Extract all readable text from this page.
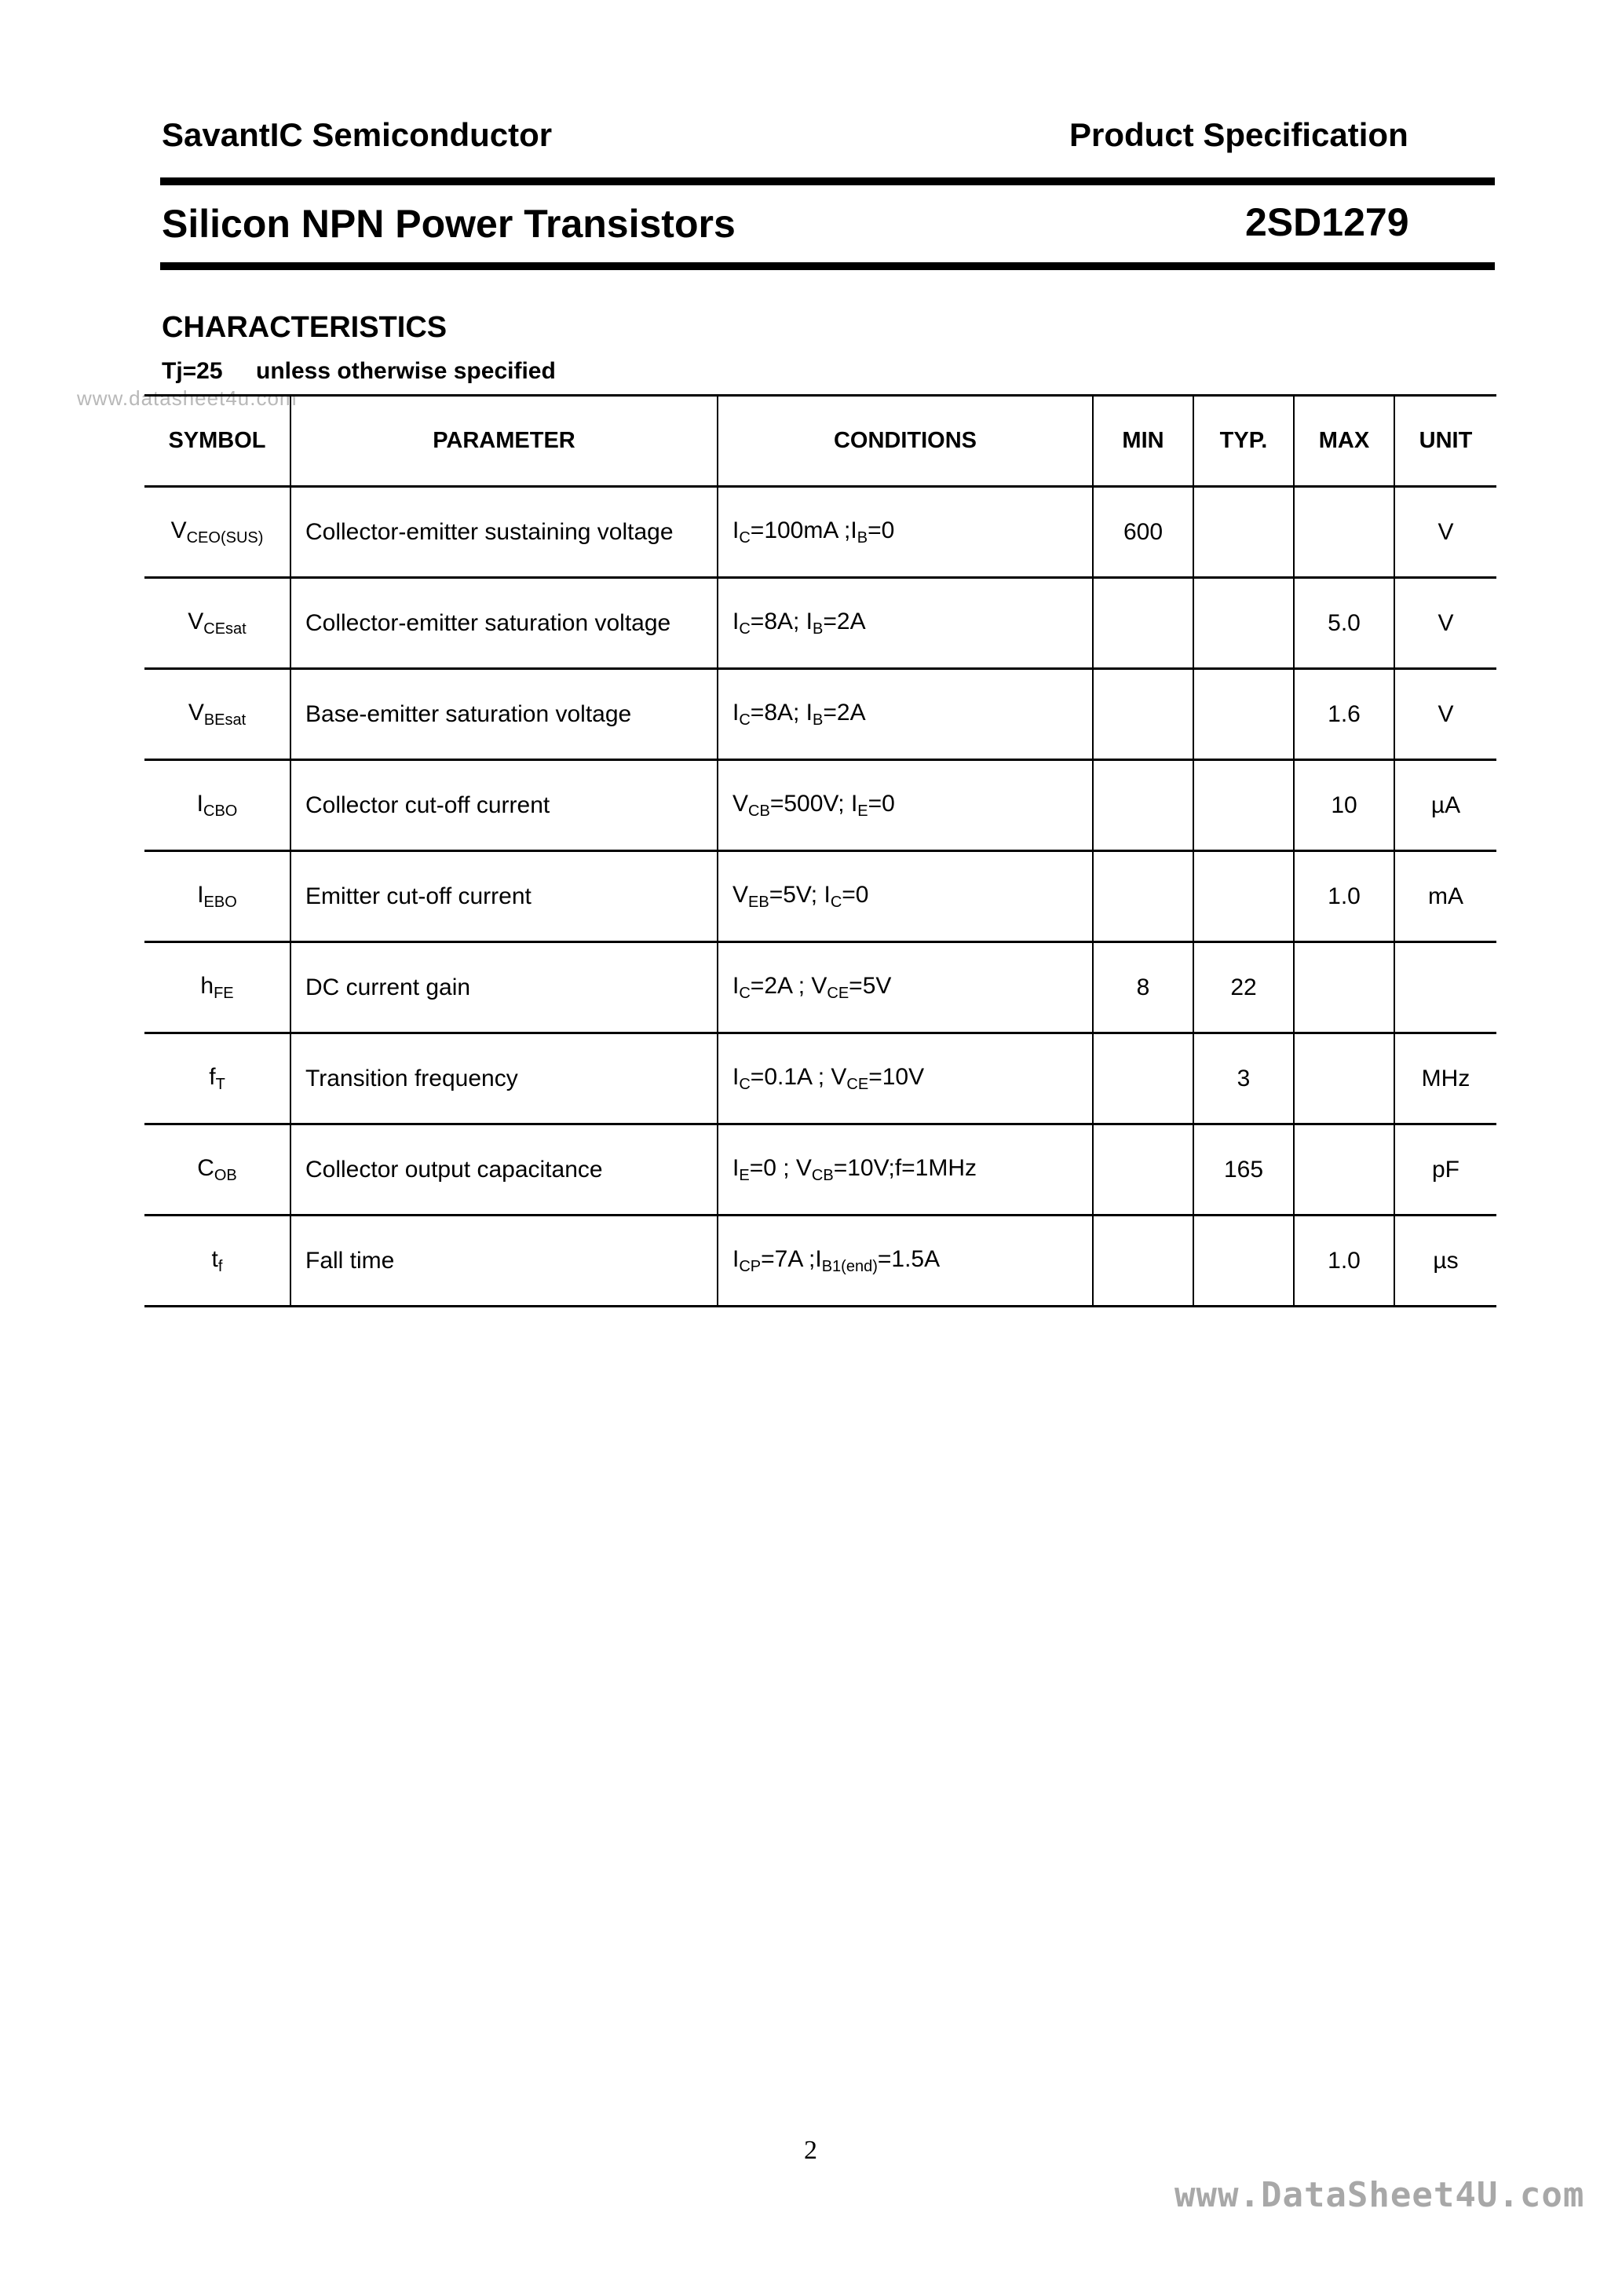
SavantIC Semiconductor	Product Specification
Silicon NPN Power Transistors	2SD1279
CHARACTERISTICS
Tj=25 unless otherwise specified
www.datasheet4u.com
SYMBOL	PARAMETER	CONDITIONS	MIN	TYP.	MAX	UNIT
$V_{CEO(SUS)}$	Collector-emitter sustaining voltage	$I_C=100mA$ $;I_B=0$	600			V
$V_{CEsat}$	Collector-emitter saturation voltage	$I_C=8A$; $I_B=2A$			5.0	V
$V_{BEsat}$	Base-emitter saturation voltage	$I_C=8A$; $I_B=2A$			1.6	V
$I_{CBO}$	Collector cut-off current	$V_{CB}=500V$; $I_E=0$			10	µA
$I_{EBO}$	Emitter cut-off current	$V_{EB}=5V$; $I_C=0$			1.0	mA
$h_{FE}$	DC current gain	$I_C=2A$ ; $V_{CE}=5V$	8	22		
$f_T$	Transition frequency	$I_C=0.1A$ ; $V_{CE}=10V$		3		MHz
$C_{OB}$	Collector output capacitance	$I_E=0$ ; $V_{CB}=10V;f=1MHz$		165		pF
$t_f$	Fall time	$I_{CP}=7A$ $;I_{B1(end)}=1.5A$			1.0	µs
2
www.DataSheet4U.com
